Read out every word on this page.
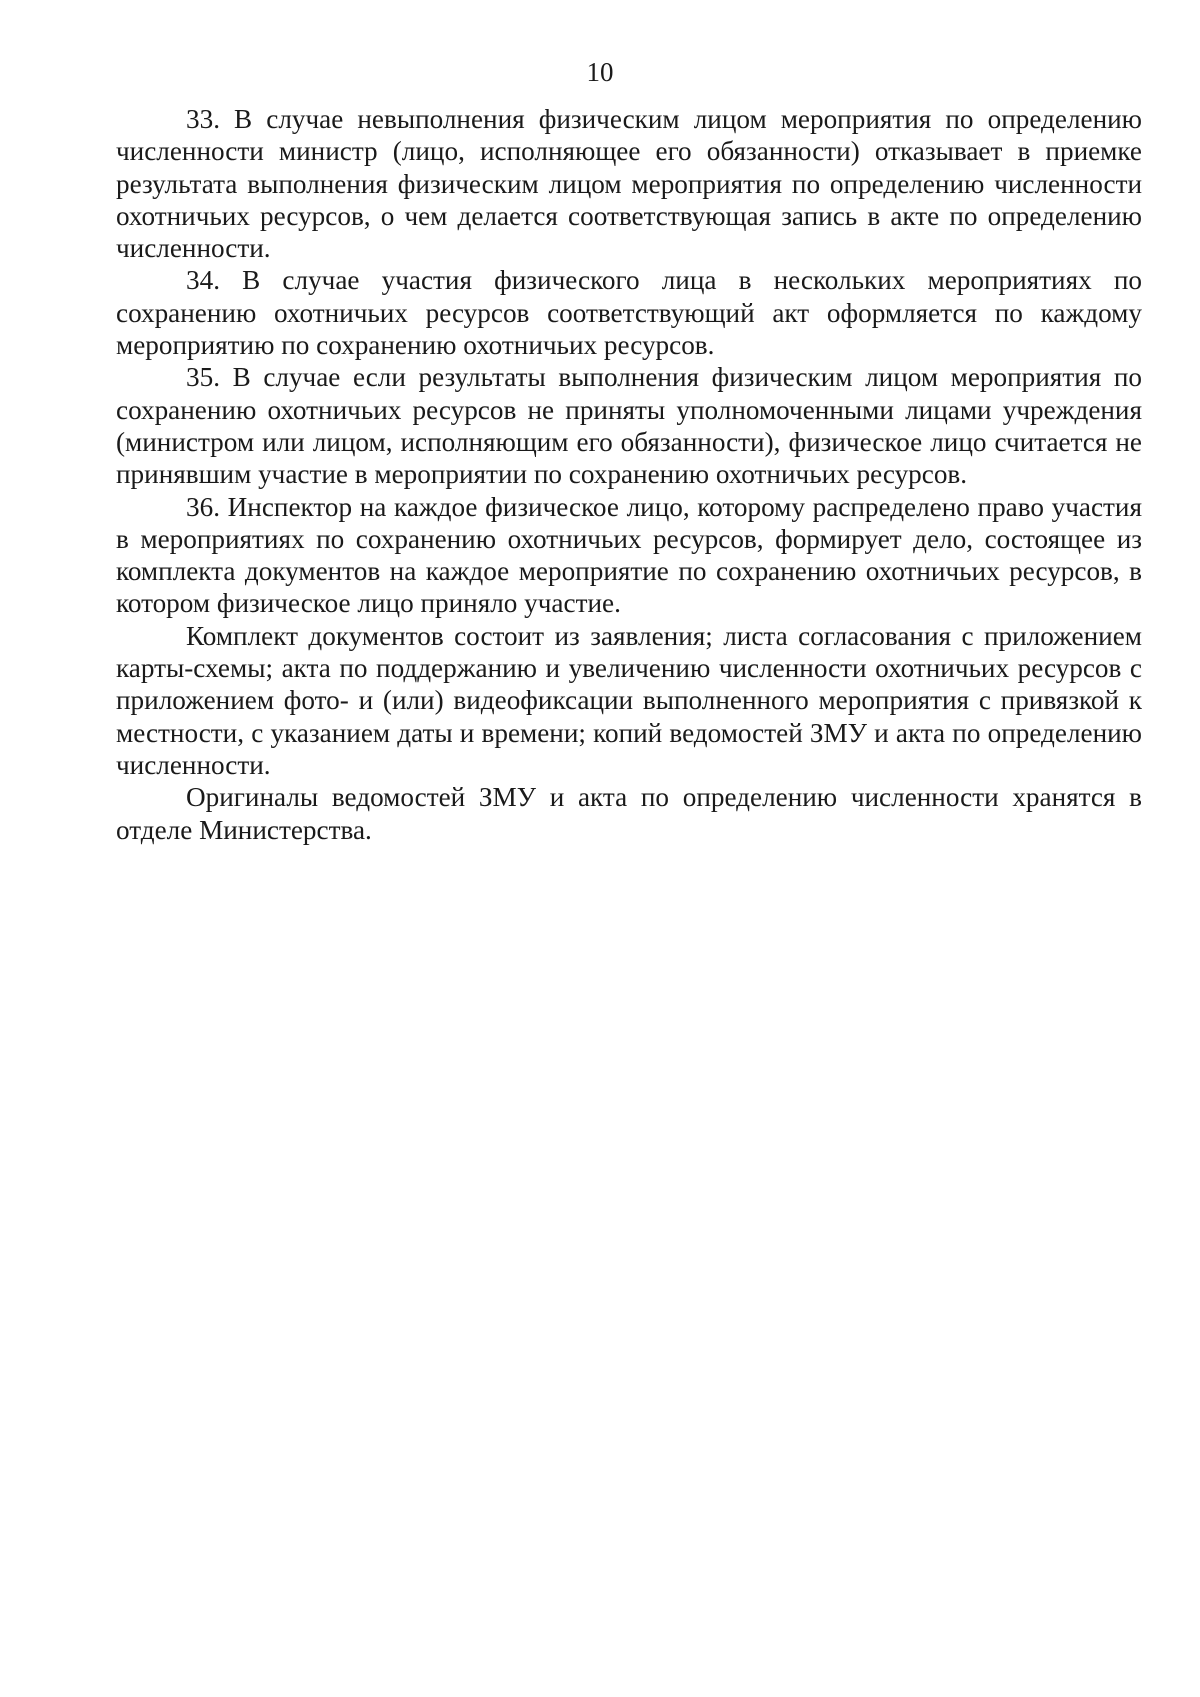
10

33. В случае невыполнения физическим лицом мероприятия по определению численности министр (лицо, исполняющее его обязанности) отказывает в приемке результата выполнения физическим лицом мероприятия по определению численности охотничьих ресурсов, о чем делается соответствующая запись в акте по определению численности.

34. В случае участия физического лица в нескольких мероприятиях по сохранению охотничьих ресурсов соответствующий акт оформляется по каждому мероприятию по сохранению охотничьих ресурсов.

35. В случае если результаты выполнения физическим лицом мероприятия по сохранению охотничьих ресурсов не приняты уполномоченными лицами учреждения (министром или лицом, исполняющим его обязанности), физическое лицо считается не принявшим участие в мероприятии по сохранению охотничьих ресурсов.

36. Инспектор на каждое физическое лицо, которому распределено право участия в мероприятиях по сохранению охотничьих ресурсов, формирует дело, состоящее из комплекта документов на каждое мероприятие по сохранению охотничьих ресурсов, в котором физическое лицо приняло участие.

Комплект документов состоит из заявления; листа согласования с приложением карты-схемы; акта по поддержанию и увеличению численности охотничьих ресурсов с приложением фото- и (или) видеофиксации выполненного мероприятия с привязкой к местности, с указанием даты и времени; копий ведомостей ЗМУ и акта по определению численности.

Оригиналы ведомостей ЗМУ и акта по определению численности хранятся в отделе Министерства.
